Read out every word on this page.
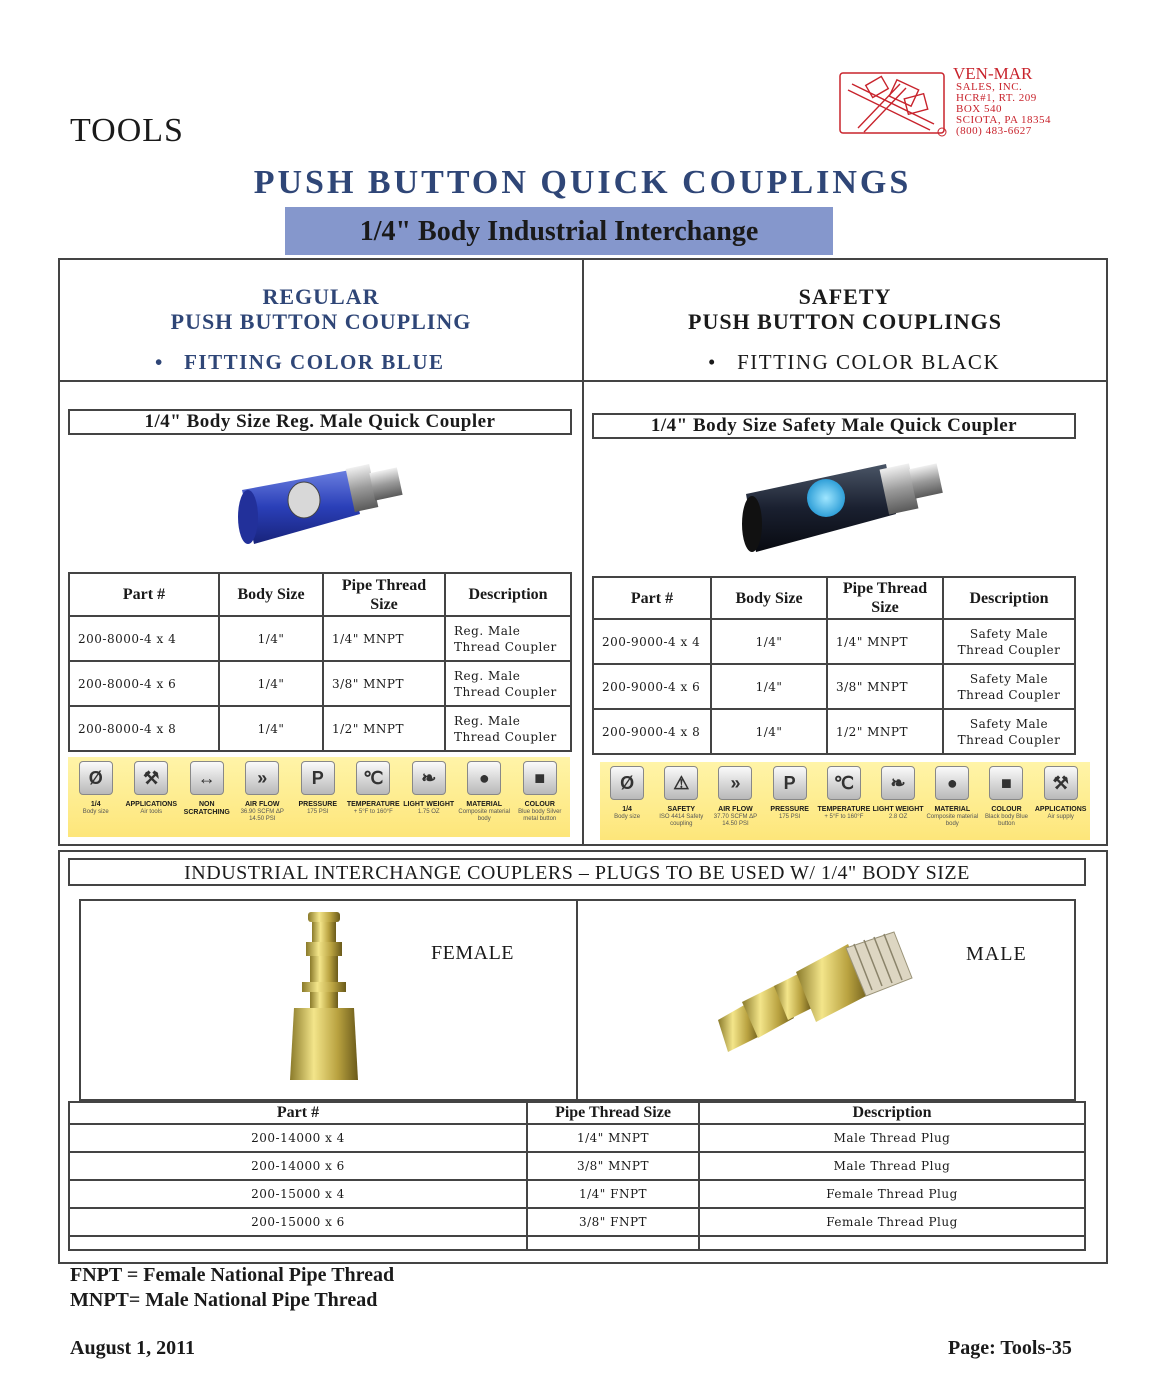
TOOLS
VEN-MAR
SALES, INC.
HCR#1, RT. 209
BOX 540
SCIOTA, PA 18354
(800) 483-6627
PUSH BUTTON QUICK COUPLINGS
1/4" Body Industrial Interchange
REGULAR
PUSH BUTTON COUPLING
•   FITTING COLOR BLUE
SAFETY
PUSH BUTTON COUPLINGS
•   FITTING COLOR BLACK
1/4" Body Size Reg. Male Quick Coupler	1/4" Body Size Safety Male Quick Coupler
Part #	Body Size	Pipe Thread Size	Description
200-8000-4 x 4	1/4"	1/4" MNPT	Reg. Male Thread Coupler
200-8000-4 x 6	1/4"	3/8" MNPT	Reg. Male Thread Coupler
200-8000-4 x 8	1/4"	1/2" MNPT	Reg. Male Thread Coupler
Part #	Body Size	Pipe Thread Size	Description
200-9000-4 x 4	1/4"	1/4" MNPT	Safety Male Thread Coupler
200-9000-4 x 6	1/4"	3/8" MNPT	Safety Male Thread Coupler
200-9000-4 x 8	1/4"	1/2" MNPT	Safety Male Thread Coupler
Ø
1/4
Body size
⚒
APPLICATIONS
Air tools
↔
NON SCRATCHING
»
AIR FLOW
36.90 SCFM ΔP 14.50 PSI
P
PRESSURE
175 PSI
℃
TEMPERATURE
+ 5°F to 160°F
❧
LIGHT WEIGHT
1.75 OZ
●
MATERIAL
Composite material body
■
COLOUR
Blue body Silver metal button
Ø
1/4
Body size
⚠
SAFETY
ISO 4414 Safety coupling
»
AIR FLOW
37.70 SCFM ΔP 14.50 PSI
P
PRESSURE
175 PSI
℃
TEMPERATURE
+ 5°F to 160°F
❧
LIGHT WEIGHT
2.8 OZ
●
MATERIAL
Composite material body
■
COLOUR
Black body Blue button
⚒
APPLICATIONS
Air supply
INDUSTRIAL INTERCHANGE COUPLERS – PLUGS TO BE USED W/ 1/4" BODY SIZE
FEMALE	MALE
Part #	Pipe Thread Size	Description
200-14000 x 4	1/4" MNPT	Male Thread Plug
200-14000 x 6	3/8" MNPT	Male Thread Plug
200-15000 x 4	1/4" FNPT	Female Thread Plug
200-15000 x 6	3/8" FNPT	Female Thread Plug

FNPT = Female National Pipe Thread
MNPT= Male National Pipe Thread
August 1, 2011	Page: Tools-35
